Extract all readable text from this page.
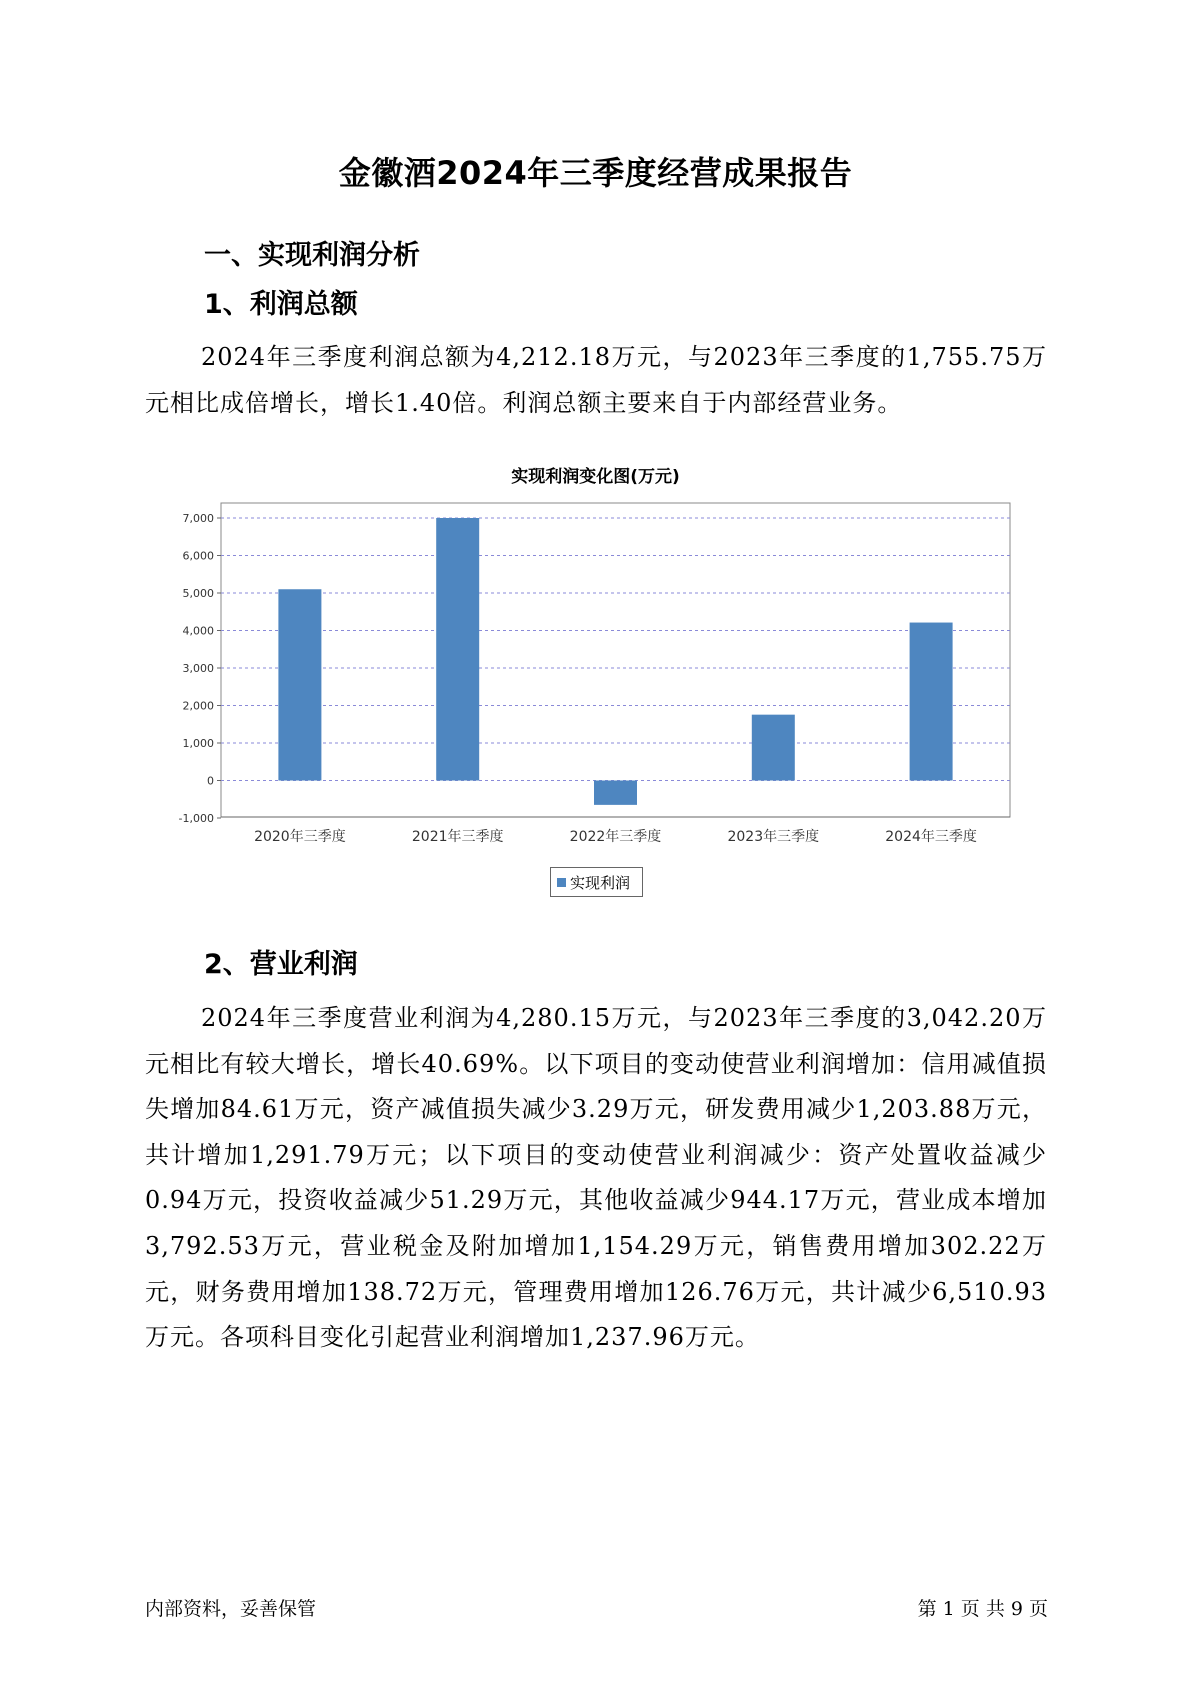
金徽酒2024年三季度经营成果报告
一、实现利润分析
1、利润总额
2024年三季度利润总额为4,212.18万元，与2023年三季度的1,755.75万元相比成倍增长，增长1.40倍。利润总额主要来自于内部经营业务。
实现利润变化图(万元)
-1,000
0
1,000
2,000
3,000
4,000
5,000
6,000
7,000
2020年三季度	2021年三季度	2022年三季度	2023年三季度	2024年三季度
实现利润
2、营业利润
2024年三季度营业利润为4,280.15万元，与2023年三季度的3,042.20万元相比有较大增长，增长40.69%。以下项目的变动使营业利润增加：信用减值损失增加84.61万元，资产减值损失减少3.29万元，研发费用减少1,203.88万元，共计增加1,291.79万元；以下项目的变动使营业利润减少：资产处置收益减少0.94万元，投资收益减少51.29万元，其他收益减少944.17万元，营业成本增加3,792.53万元，营业税金及附加增加1,154.29万元，销售费用增加302.22万元，财务费用增加138.72万元，管理费用增加126.76万元，共计减少6,510.93万元。各项科目变化引起营业利润增加1,237.96万元。
内部资料，妥善保管	第 1 页 共 9 页
